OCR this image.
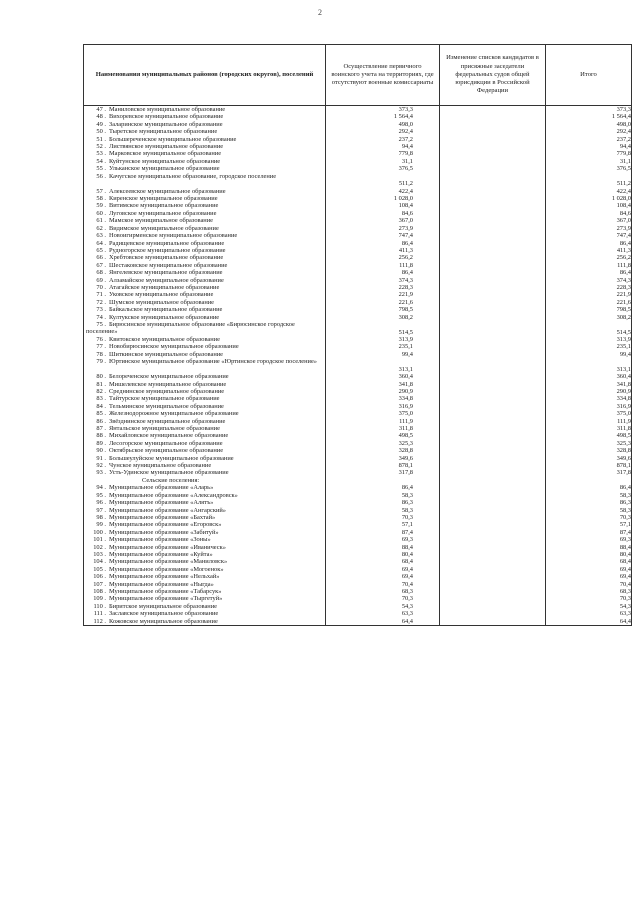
2
Наименования муниципальных районов (городских округов), поселений	Осуществление первичного воинского учета на территориях, где отсутствуют военные комиссариаты	Изменение списков кандидатов в присяжные заседатели федеральных судов общей юрисдикции в Российской Федерации	Итого
47 . Маниловское муниципальное образование	373,3		373,3
48 . Вихоревское муниципальное образование	1 564,4		1 564,4
49 . Заларинское муниципальное образование	498,0		498,0
50 . Тыретское муниципальное образование	292,4		292,4
51 . Большереченское муниципальное образование	237,2		237,2
52 . Листвянское муниципальное образование	94,4		94,4
53 . Марковское муниципальное образование	779,8		779,8
54 . Куйтунское муниципальное образование	31,1		31,1
55 . Ульканское муниципальное образование	376,5		376,5
56 . Качугское муниципальное образование, городское поселение	511,2		511,2
57 . Алексеевское муниципальное образование	422,4		422,4
58 . Киренское муниципальное образование	1 028,0		1 028,0
59 . Витимское муниципальное образование	108,4		108,4
60 . Луговское муниципальное образование	84,6		84,6
61 . Мамское муниципальное образование	367,0		367,0
62 . Видимское муниципальное образование	273,9		273,9
63 . Новоигирменское муниципальное образование	747,4		747,4
64 . Радищевское муниципальное образование	86,4		86,4
65 . Рудногорское муниципальное образование	411,3		411,3
66 . Хребтовское муниципальное образование	256,2		256,2
67 . Шестаковское муниципальное образование	111,8		111,8
68 . Янгелевское муниципальное образование	86,4		86,4
69 . Алзамайское муниципальное образование	374,3		374,3
70 . Атагайское муниципальное образование	228,3		228,3
71 . Уковское муниципальное образование	221,9		221,9
72 . Шумское муниципальное образование	221,6		221,6
73 . Байкальское муниципальное образование	798,5		798,5
74 . Култукское муниципальное образование	308,2		308,2
75 . Бирюсинское муниципальное образование «Бирюсинское городское поселение»	514,5		514,5
76 . Квитокское муниципальное образование	313,9		313,9
77 . Новобирюсинское муниципальное образование	235,1		235,1
78 . Шиткинское муниципальное образование	99,4		99,4
79 . Юртинское муниципальное образование «Юртинское городское поселение»	313,1		313,1
80 . Белореченское муниципальное образование	360,4		360,4
81 . Мишелевское муниципальное образование	341,8		341,8
82 . Среднинское муниципальное образование	290,9		290,9
83 . Тайтурское муниципальное образование	334,8		334,8
84 . Тельминское муниципальное образование	316,9		316,9
85 . Железнодорожное муниципальное образование	375,0		375,0
86 . Звёзднинское муниципальное образование	111,9		111,9
87 . Янтальское муниципальное образование	311,8		311,8
88 . Михайловское муниципальное образование	498,5		498,5
89 . Лесогорское муниципальное образование	325,3		325,3
90 . Октябрьское муниципальное образование	328,8		328,8
91 . Большеулуйское муниципальное образование	349,6		349,6
92 . Чунское муниципальное образование	878,1		878,1
93 . Усть-Удинское муниципальное образование	317,8		317,8
Сельские поселения:			
94 . Муниципальное образование «Аларь»	86,4		86,4
95 . Муниципальное образование «Александровск»	58,3		58,3
96 . Муниципальное образование «Алятъ»	86,3		86,3
97 . Муниципальное образование «Ангарский»	58,3		58,3
98 . Муниципальное образование «Бахтай»	70,3		70,3
99 . Муниципальное образование «Егоровск»	57,1		57,1
100 . Муниципальное образование «Забитуй»	87,4		87,4
101 . Муниципальное образование «Зоны»	69,3		69,3
102 . Муниципальное образование «Иваническ»	88,4		88,4
103 . Муниципальное образование «Куйта»	80,4		80,4
104 . Муниципальное образование «Маниловск»	68,4		68,4
105 . Муниципальное образование «Могоенок»	69,4		69,4
106 . Муниципальное образование «Нельхай»	69,4		69,4
107 . Муниципальное образование «Ныгда»	70,4		70,4
108 . Муниципальное образование «Табарсук»	68,3		68,3
109 . Муниципальное образование «Тыргетуй»	70,3		70,3
110 . Биритское муниципальное образование	54,3		54,3
111 . Заславское муниципальное образование	63,3		63,3
112 . Кожовское муниципальное образование	64,4		64,4
